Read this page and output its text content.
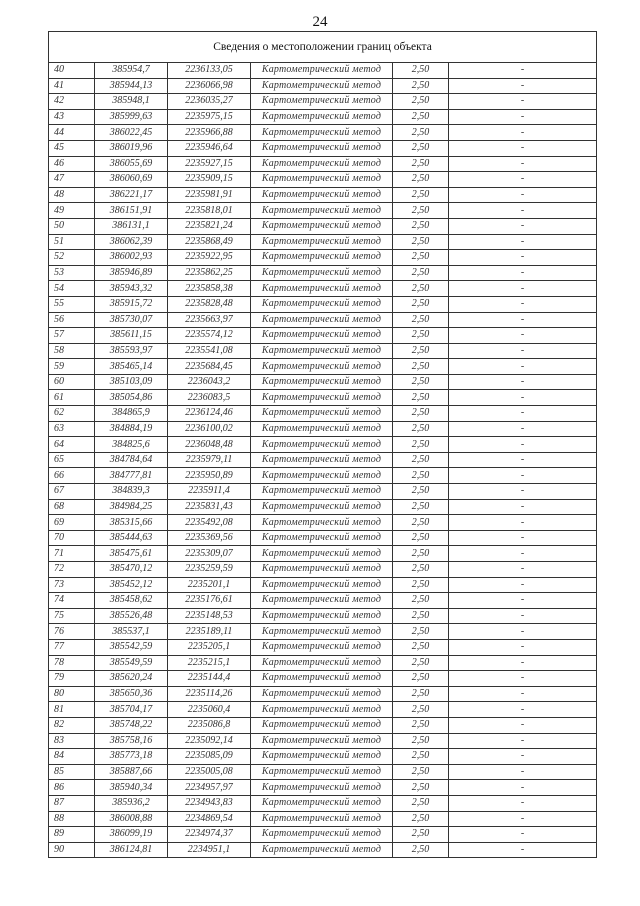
24
Сведения о местоположении границ объекта					
40	385954,7	2236133,05	Картометрический метод	2,50	-
41	385944,13	2236066,98	Картометрический метод	2,50	-
42	385948,1	2236035,27	Картометрический метод	2,50	-
43	385999,63	2235975,15	Картометрический метод	2,50	-
44	386022,45	2235966,88	Картометрический метод	2,50	-
45	386019,96	2235946,64	Картометрический метод	2,50	-
46	386055,69	2235927,15	Картометрический метод	2,50	-
47	386060,69	2235909,15	Картометрический метод	2,50	-
48	386221,17	2235981,91	Картометрический метод	2,50	-
49	386151,91	2235818,01	Картометрический метод	2,50	-
50	386131,1	2235821,24	Картометрический метод	2,50	-
51	386062,39	2235868,49	Картометрический метод	2,50	-
52	386002,93	2235922,95	Картометрический метод	2,50	-
53	385946,89	2235862,25	Картометрический метод	2,50	-
54	385943,32	2235858,38	Картометрический метод	2,50	-
55	385915,72	2235828,48	Картометрический метод	2,50	-
56	385730,07	2235663,97	Картометрический метод	2,50	-
57	385611,15	2235574,12	Картометрический метод	2,50	-
58	385593,97	2235541,08	Картометрический метод	2,50	-
59	385465,14	2235684,45	Картометрический метод	2,50	-
60	385103,09	2236043,2	Картометрический метод	2,50	-
61	385054,86	2236083,5	Картометрический метод	2,50	-
62	384865,9	2236124,46	Картометрический метод	2,50	-
63	384884,19	2236100,02	Картометрический метод	2,50	-
64	384825,6	2236048,48	Картометрический метод	2,50	-
65	384784,64	2235979,11	Картометрический метод	2,50	-
66	384777,81	2235950,89	Картометрический метод	2,50	-
67	384839,3	2235911,4	Картометрический метод	2,50	-
68	384984,25	2235831,43	Картометрический метод	2,50	-
69	385315,66	2235492,08	Картометрический метод	2,50	-
70	385444,63	2235369,56	Картометрический метод	2,50	-
71	385475,61	2235309,07	Картометрический метод	2,50	-
72	385470,12	2235259,59	Картометрический метод	2,50	-
73	385452,12	2235201,1	Картометрический метод	2,50	-
74	385458,62	2235176,61	Картометрический метод	2,50	-
75	385526,48	2235148,53	Картометрический метод	2,50	-
76	385537,1	2235189,11	Картометрический метод	2,50	-
77	385542,59	2235205,1	Картометрический метод	2,50	-
78	385549,59	2235215,1	Картометрический метод	2,50	-
79	385620,24	2235144,4	Картометрический метод	2,50	-
80	385650,36	2235114,26	Картометрический метод	2,50	-
81	385704,17	2235060,4	Картометрический метод	2,50	-
82	385748,22	2235086,8	Картометрический метод	2,50	-
83	385758,16	2235092,14	Картометрический метод	2,50	-
84	385773,18	2235085,09	Картометрический метод	2,50	-
85	385887,66	2235005,08	Картометрический метод	2,50	-
86	385940,34	2234957,97	Картометрический метод	2,50	-
87	385936,2	2234943,83	Картометрический метод	2,50	-
88	386008,88	2234869,54	Картометрический метод	2,50	-
89	386099,19	2234974,37	Картометрический метод	2,50	-
90	386124,81	2234951,1	Картометрический метод	2,50	-
